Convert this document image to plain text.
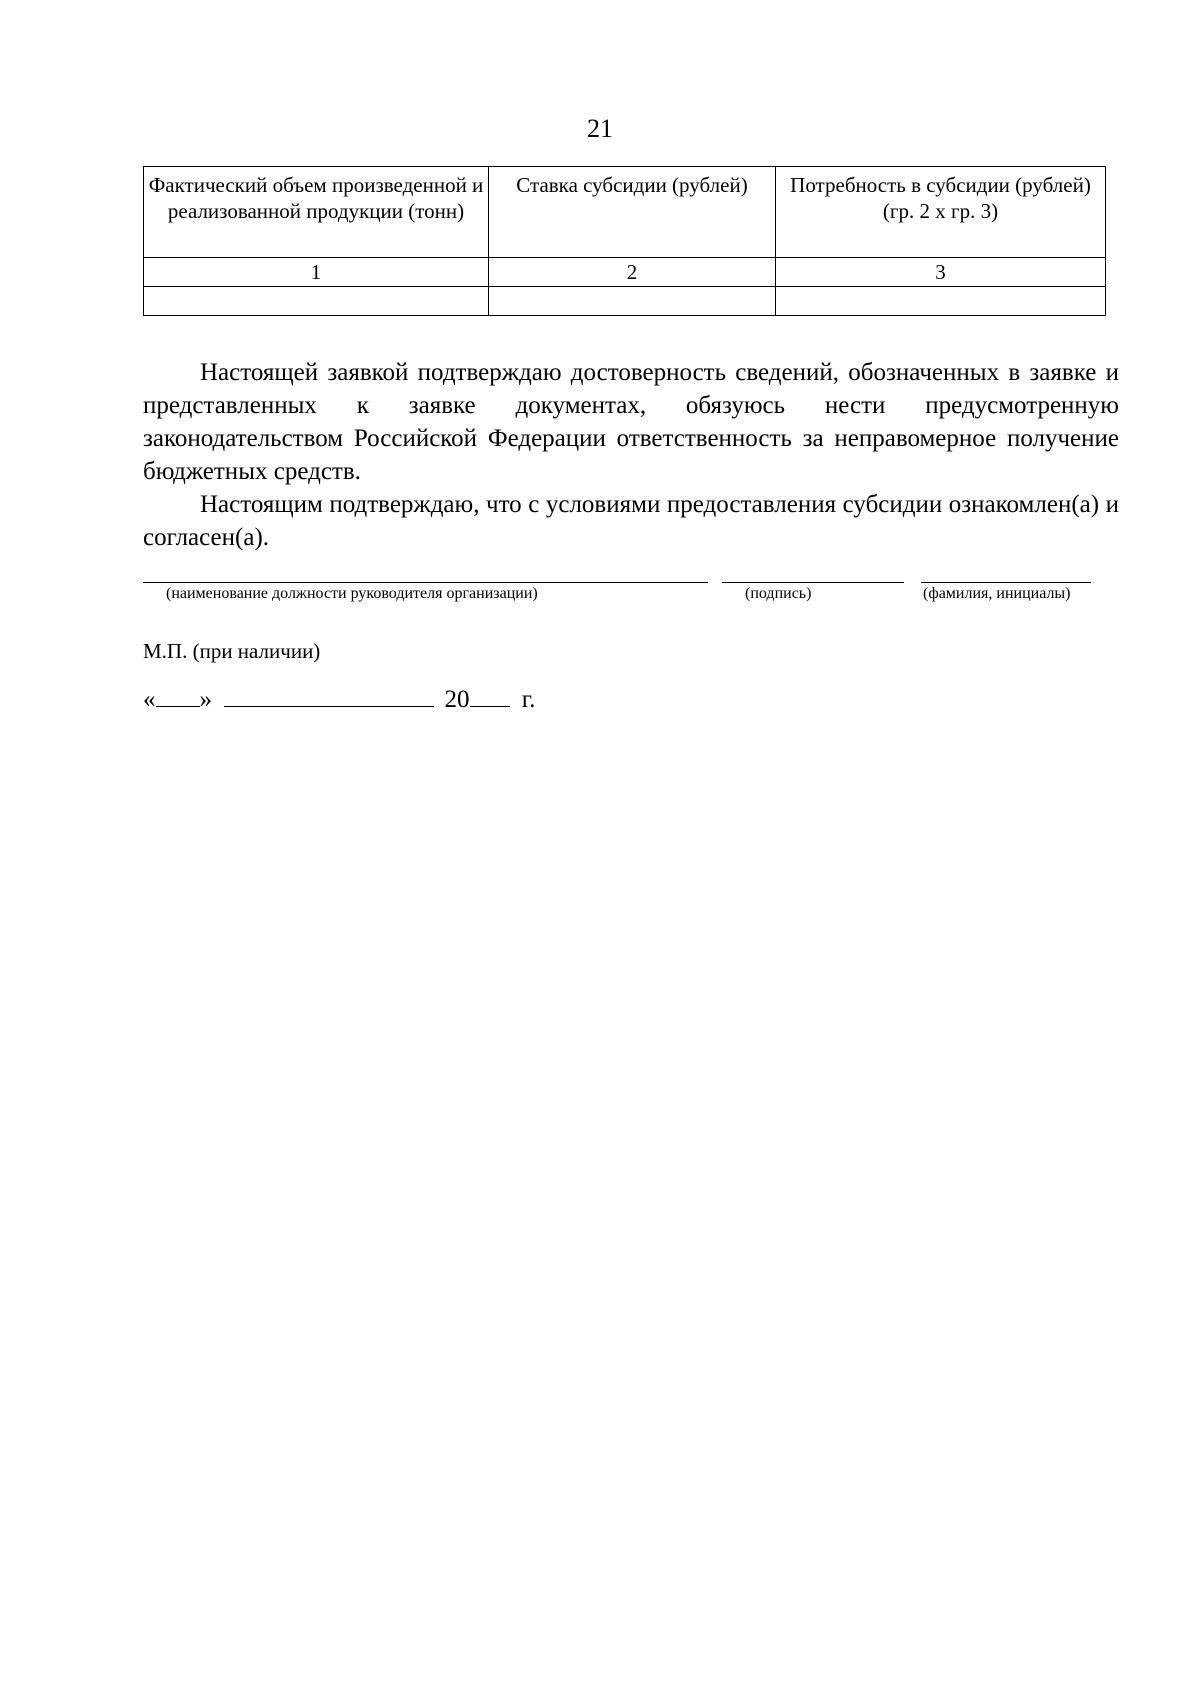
21
Фактический объем произведенной и реализованной продукции (тонн)	Ставка субсидии (рублей)	Потребность в субсидии (рублей) (гр. 2 x гр. 3)
1	2	3

Настоящей заявкой подтверждаю достоверность сведений, обозначенных в заявке и представленных к заявке документах, обязуюсь нести предусмотренную законодательством Российской Федерации ответственность за неправомерное получение бюджетных средств.

Настоящим подтверждаю, что с условиями предоставления субсидии ознакомлен(а) и согласен(а).

(наименование должности руководителя организации)	(подпись)	(фамилия, инициалы)
М.П. (при наличии)
« »	20 г.
